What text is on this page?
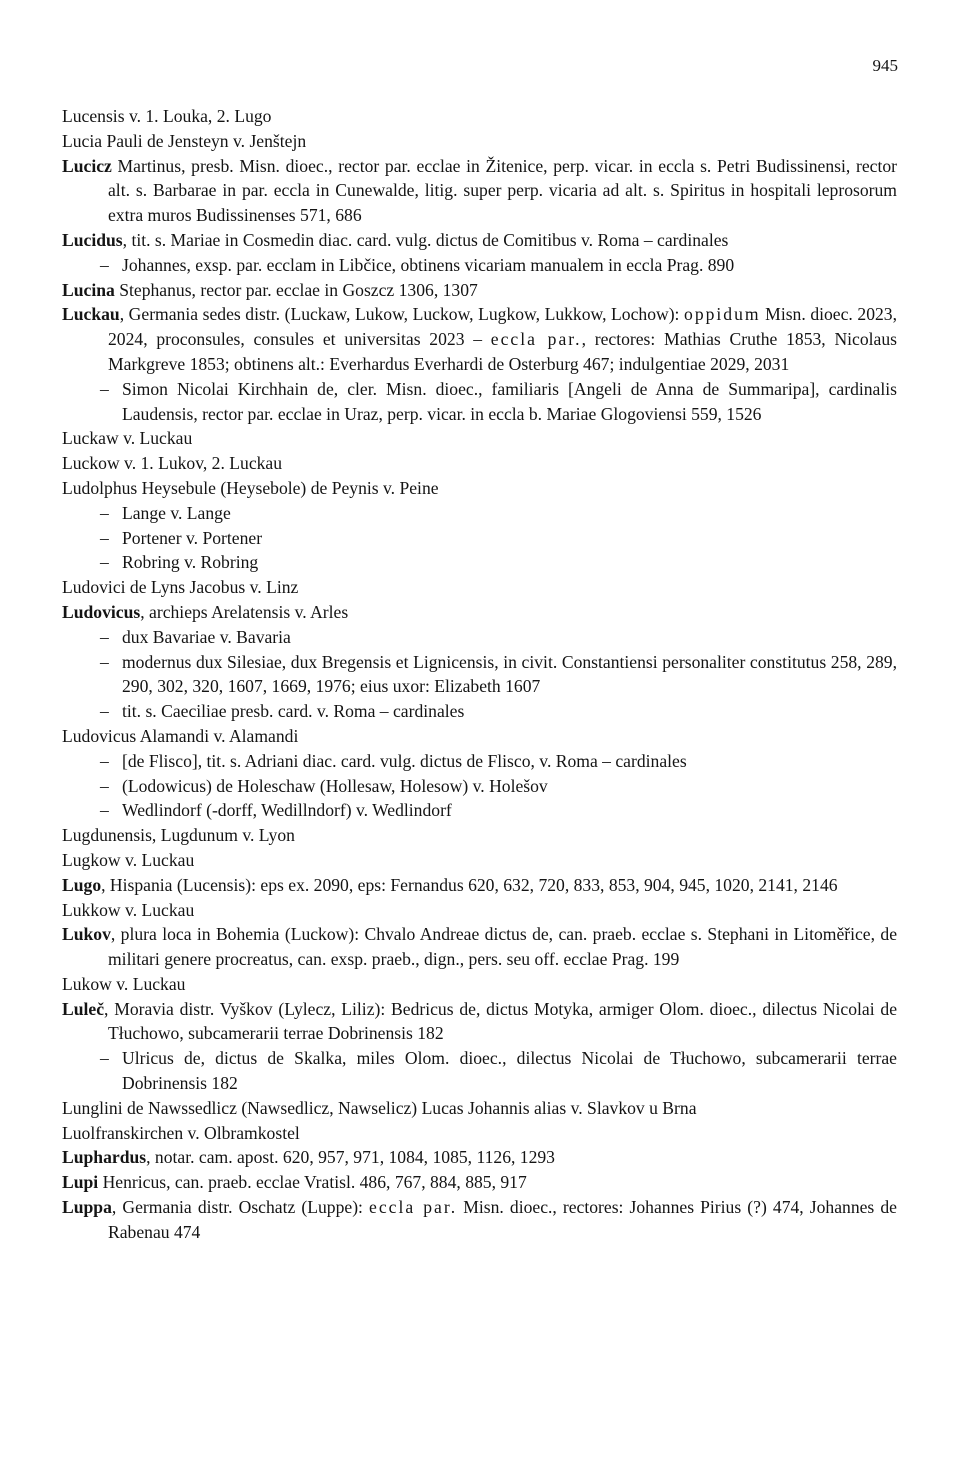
945
Lucensis v. 1. Louka, 2. Lugo
Lucia Pauli de Jensteyn v. Jenštejn
Lucicz Martinus, presb. Misn. dioec., rector par. ecclae in Žitenice, perp. vicar. in eccla s. Petri Budissinensi, rector alt. s. Barbarae in par. eccla in Cunewalde, litig. super perp. vicaria ad alt. s. Spiritus in hospitali leprosorum extra muros Budissinenses 571, 686
Lucidus, tit. s. Mariae in Cosmedin diac. card. vulg. dictus de Comitibus v. Roma – cardinales
– Johannes, exsp. par. ecclam in Libčice, obtinens vicariam manualem in eccla Prag. 890
Lucina Stephanus, rector par. ecclae in Goszcz 1306, 1307
Luckau, Germania sedes distr. (Luckaw, Lukow, Luckow, Lugkow, Lukkow, Lochow): oppidum Misn. dioec. 2023, 2024, proconsules, consules et universitas 2023 – eccla par., rectores: Mathias Cruthe 1853, Nicolaus Markgreve 1853; obtinens alt.: Everhardus Everhardi de Osterburg 467; indulgentiae 2029, 2031
– Simon Nicolai Kirchhain de, cler. Misn. dioec., familiaris [Angeli de Anna de Summaripa], cardinalis Laudensis, rector par. ecclae in Uraz, perp. vicar. in eccla b. Mariae Glogoviensi 559, 1526
Luckaw v. Luckau
Luckow v. 1. Lukov, 2. Luckau
Ludolphus Heysebule (Heysebole) de Peynis v. Peine
– Lange v. Lange
– Portener v. Portener
– Robring v. Robring
Ludovici de Lyns Jacobus v. Linz
Ludovicus, archieps Arelatensis v. Arles
– dux Bavariae v. Bavaria
– modernus dux Silesiae, dux Bregensis et Lignicensis, in civit. Constantiensi personaliter constitutus 258, 289, 290, 302, 320, 1607, 1669, 1976; eius uxor: Elizabeth 1607
– tit. s. Caeciliae presb. card. v. Roma – cardinales
Ludovicus Alamandi v. Alamandi
– [de Flisco], tit. s. Adriani diac. card. vulg. dictus de Flisco, v. Roma – cardinales
– (Lodowicus) de Holeschaw (Hollesaw, Holesow) v. Holešov
– Wedlindorf (-dorff, Wedillndorf) v. Wedlindorf
Lugdunensis, Lugdunum v. Lyon
Lugkow v. Luckau
Lugo, Hispania (Lucensis): eps ex. 2090, eps: Fernandus 620, 632, 720, 833, 853, 904, 945, 1020, 2141, 2146
Lukkow v. Luckau
Lukov, plura loca in Bohemia (Luckow): Chvalo Andreae dictus de, can. praeb. ecclae s. Stephani in Litoměřice, de militari genere procreatus, can. exsp. praeb., dign., pers. seu off. ecclae Prag. 199
Lukow v. Luckau
Luleč, Moravia distr. Vyškov (Lylecz, Liliz): Bedricus de, dictus Motyka, armiger Olom. dioec., dilectus Nicolai de Tłuchowo, subcamerarii terrae Dobrinensis 182
– Ulricus de, dictus de Skalka, miles Olom. dioec., dilectus Nicolai de Tłuchowo, subcamerarii terrae Dobrinensis 182
Lunglini de Nawssedlicz (Nawsedlicz, Nawselicz) Lucas Johannis alias v. Slavkov u Brna
Luolfranskirchen v. Olbramkostel
Luphardus, notar. cam. apost. 620, 957, 971, 1084, 1085, 1126, 1293
Lupi Henricus, can. praeb. ecclae Vratisl. 486, 767, 884, 885, 917
Luppa, Germania distr. Oschatz (Luppe): eccla par. Misn. dioec., rectores: Johannes Pirius (?) 474, Johannes de Rabenau 474
